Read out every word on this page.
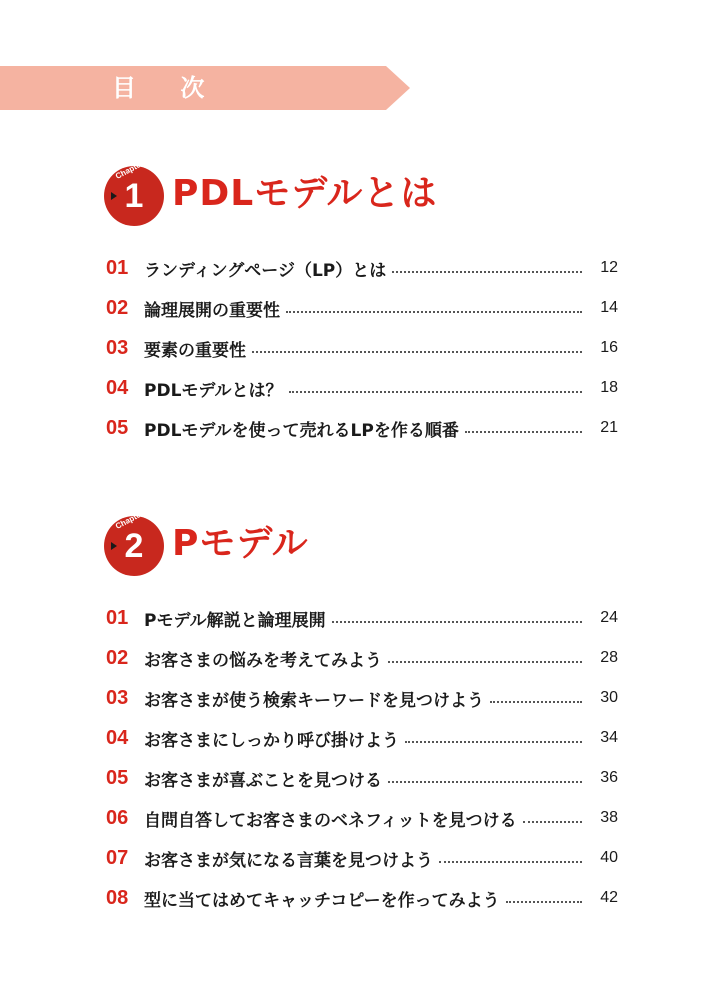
目 次
Chapter
1 PDLモデルとは
01 ランディングページ（LP）とは	12
02 論理展開の重要性	14
03 要素の重要性	16
04 PDLモデルとは？	18
05 PDLモデルを使って売れるLPを作る順番	21
Chapter
2 Pモデル
01 Pモデル解説と論理展開	24
02 お客さまの悩みを考えてみよう	28
03 お客さまが使う検索キーワードを見つけよう	30
04 お客さまにしっかり呼び掛けよう	34
05 お客さまが喜ぶことを見つける	36
06 自問自答してお客さまのベネフィットを見つける	38
07 お客さまが気になる言葉を見つけよう	40
08 型に当てはめてキャッチコピーを作ってみよう	42
